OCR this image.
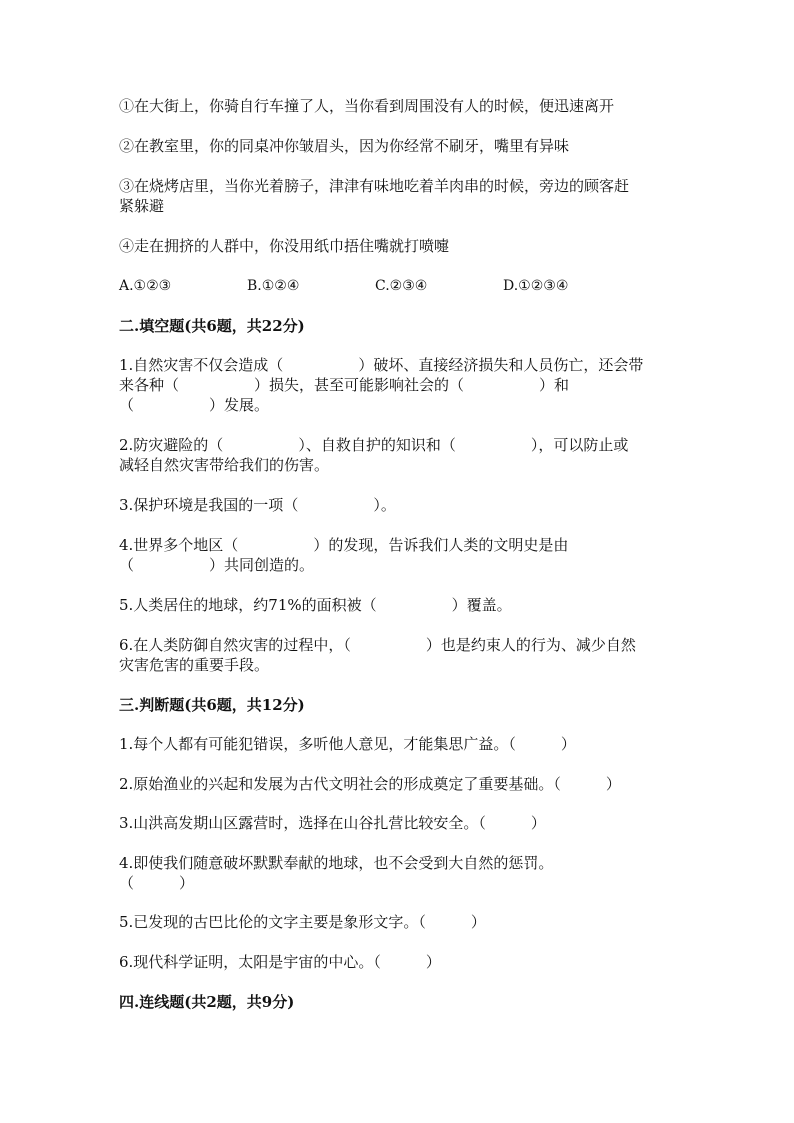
①在大街上，你骑自行车撞了人，当你看到周围没有人的时候，便迅速离开
②在教室里，你的同桌冲你皱眉头，因为你经常不刷牙，嘴里有异味
③在烧烤店里，当你光着膀子，津津有味地吃着羊肉串的时候，旁边的顾客赶
紧躲避
④走在拥挤的人群中，你没用纸巾捂住嘴就打喷嚏
A.①②③	B.①②④	C.②③④	D.①②③④
二.填空题(共6题，共22分)
1.自然灾害不仅会造成（　　　　　）破坏、直接经济损失和人员伤亡，还会带
来各种（　　　　　）损失，甚至可能影响社会的（　　　　　）和
（　　　　　）发展。
2.防灾避险的（　　　　　）、自救自护的知识和（　　　　　），可以防止或
减轻自然灾害带给我们的伤害。
3.保护环境是我国的一项（　　　　　）。
4.世界多个地区（　　　　　）的发现，告诉我们人类的文明史是由
（　　　　　）共同创造的。
5.人类居住的地球，约71%的面积被（　　　　　）覆盖。
6.在人类防御自然灾害的过程中，（　　　　　）也是约束人的行为、减少自然
灾害危害的重要手段。
三.判断题(共6题，共12分)
1.每个人都有可能犯错误，多听他人意见，才能集思广益。（　　　）
2.原始渔业的兴起和发展为古代文明社会的形成奠定了重要基础。（　　　）
3.山洪高发期山区露营时，选择在山谷扎营比较安全。（　　　）
4.即使我们随意破坏默默奉献的地球，也不会受到大自然的惩罚。
（　　　）
5.已发现的古巴比伦的文字主要是象形文字。（　　　）
6.现代科学证明，太阳是宇宙的中心。（　　　）
四.连线题(共2题，共9分)
